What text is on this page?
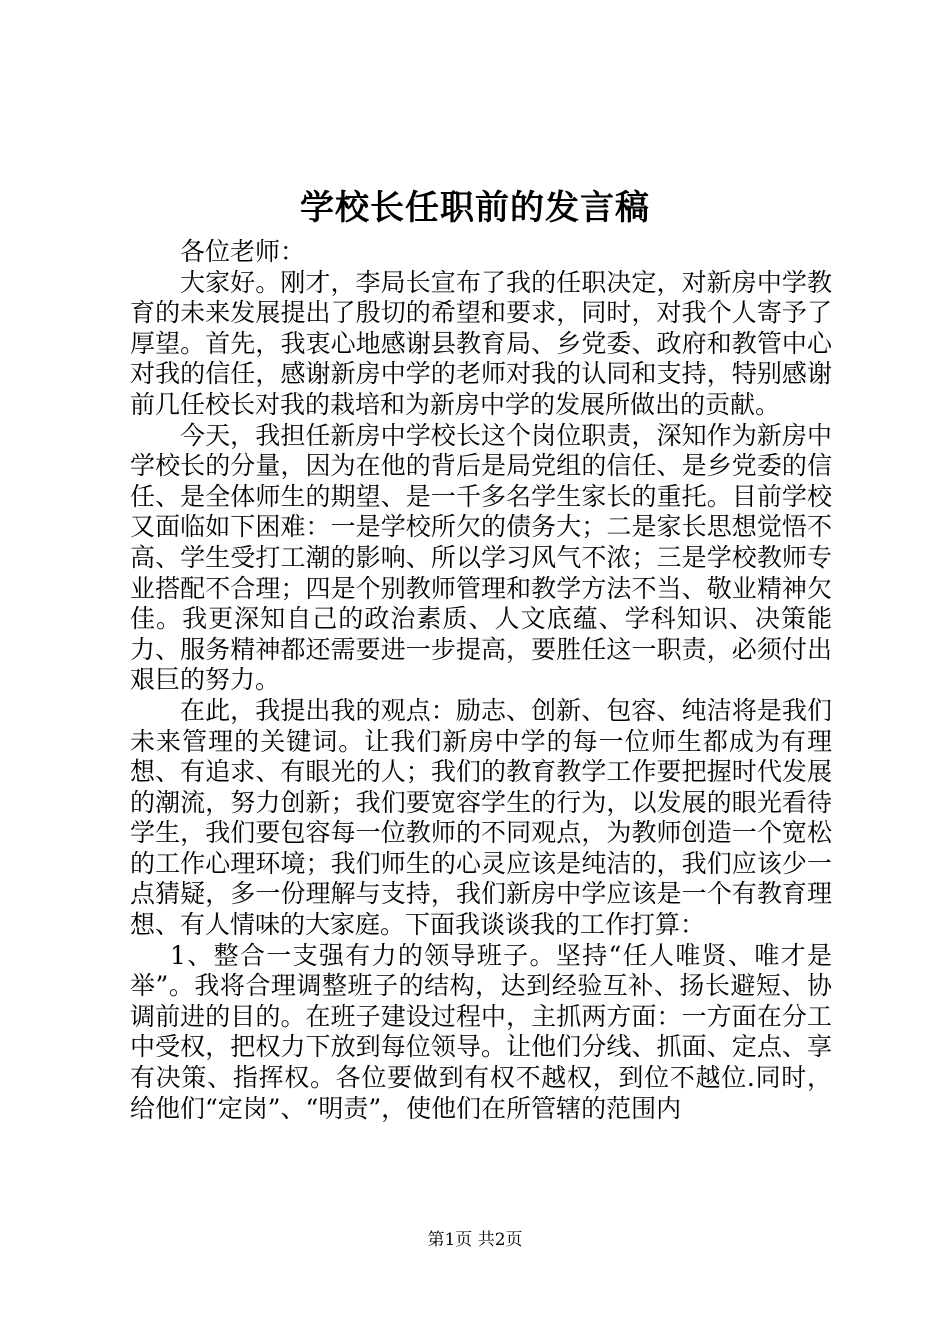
学校长任职前的发言稿

各位老师：

大家好。刚才，李局长宣布了我的任职决定，对新房中学教育的未来发展提出了殷切的希望和要求，同时，对我个人寄予了厚望。首先，我衷心地感谢县教育局、乡党委、政府和教管中心对我的信任，感谢新房中学的老师对我的认同和支持，特别感谢前几任校长对我的栽培和为新房中学的发展所做出的贡献。

今天，我担任新房中学校长这个岗位职责，深知作为新房中学校长的分量，因为在他的背后是局党组的信任、是乡党委的信任、是全体师生的期望、是一千多名学生家长的重托。目前学校又面临如下困难：一是学校所欠的债务大；二是家长思想觉悟不高、学生受打工潮的影响、所以学习风气不浓；三是学校教师专业搭配不合理；四是个别教师管理和教学方法不当、敬业精神欠佳。我更深知自己的政治素质、人文底蕴、学科知识、决策能力、服务精神都还需要进一步提高，要胜任这一职责，必须付出艰巨的努力。

在此，我提出我的观点：励志、创新、包容、纯洁将是我们未来管理的关键词。让我们新房中学的每一位师生都成为有理想、有追求、有眼光的人；我们的教育教学工作要把握时代发展的潮流，努力创新；我们要宽容学生的行为，以发展的眼光看待学生，我们要包容每一位教师的不同观点，为教师创造一个宽松的工作心理环境；我们师生的心灵应该是纯洁的，我们应该少一点猜疑，多一份理解与支持，我们新房中学应该是一个有教育理想、有人情味的大家庭。下面我谈谈我的工作打算：

1、整合一支强有力的领导班子。坚持“任人唯贤、唯才是举”。我将合理调整班子的结构，达到经验互补、扬长避短、协调前进的目的。在班子建设过程中，主抓两方面：一方面在分工中受权，把权力下放到每位领导。让他们分线、抓面、定点、享有决策、指挥权。各位要做到有权不越权，到位不越位.同时，给他们“定岗”、“明责”，使他们在所管辖的范围内

第1页 共2页
